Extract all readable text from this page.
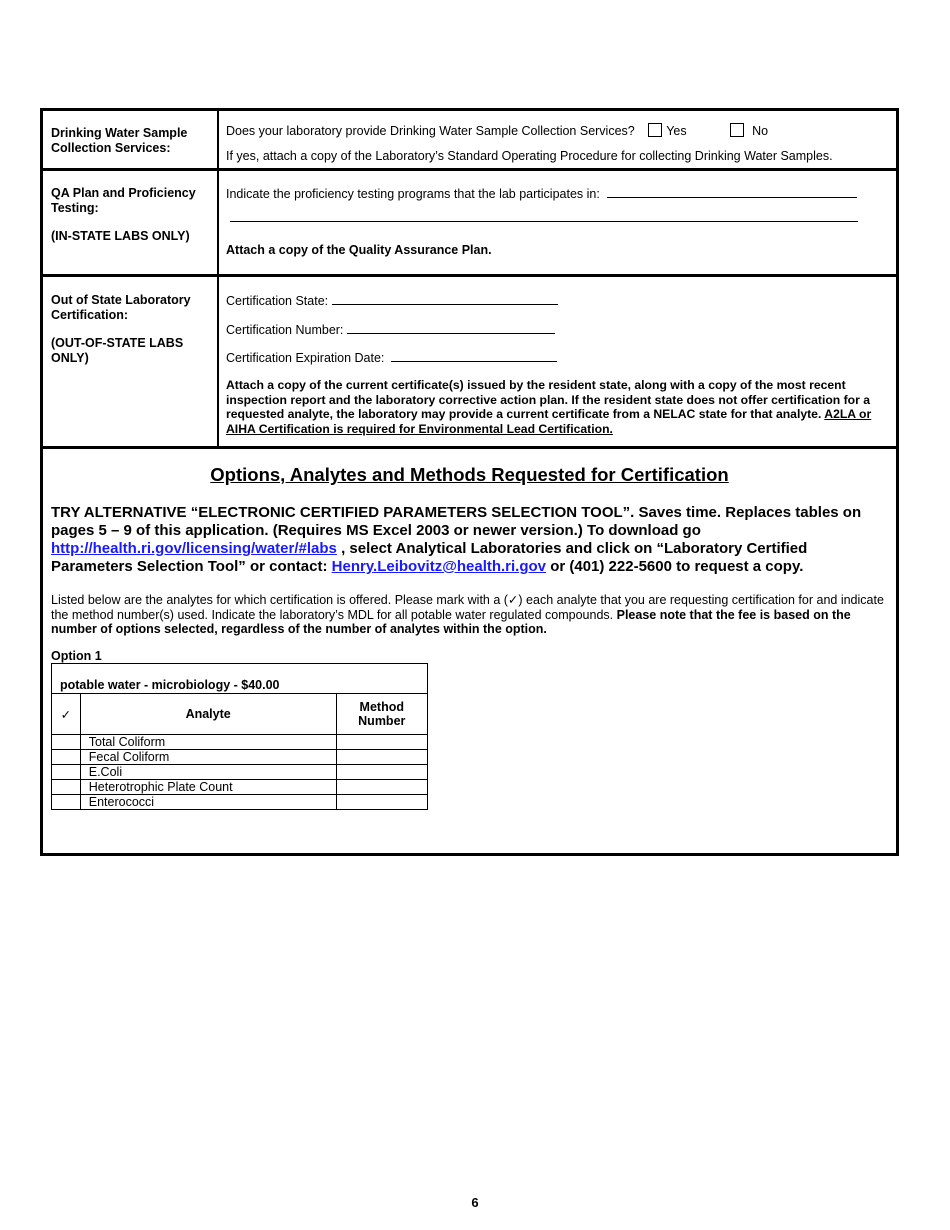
Drinking Water Sample Collection Services:
Does your laboratory provide Drinking Water Sample Collection Services?	Yes	No
If yes, attach a copy of the Laboratory’s Standard Operating Procedure for collecting Drinking Water Samples.
QA Plan and Proficiency Testing:
(IN-STATE LABS ONLY)
Indicate the proficiency testing programs that the lab participates in:
Attach a copy of the Quality Assurance Plan.
Out of State Laboratory Certification:
(OUT-OF-STATE LABS ONLY)
Certification State:
Certification Number:
Certification Expiration Date:
Attach a copy of the current certificate(s) issued by the resident state, along with a copy of the most recent inspection report and the laboratory corrective action plan. If the resident state does not offer certification for a requested analyte, the laboratory may provide a current certificate from a NELAC state for that analyte. A2LA or AIHA Certification is required for Environmental Lead Certification.
Options, Analytes and Methods Requested for Certification
TRY ALTERNATIVE “ELECTRONIC CERTIFIED PARAMETERS SELECTION TOOL”. Saves time. Replaces tables on pages 5 – 9 of this application. (Requires MS Excel 2003 or newer version.) To download go http://health.ri.gov/licensing/water/#labs , select Analytical Laboratories and click on “Laboratory Certified Parameters Selection Tool” or contact: Henry.Leibovitz@health.ri.gov or (401) 222-5600 to request a copy.
Listed below are the analytes for which certification is offered. Please mark with a (✓) each analyte that you are requesting certification for and indicate the method number(s) used. Indicate the laboratory’s MDL for all potable water regulated compounds. Please note that the fee is based on the number of options selected, regardless of the number of analytes within the option.
Option 1
potable water - microbiology - $40.00		
✓	Analyte	Method Number
	Total Coliform	
	Fecal Coliform	
	E.Coli	
	Heterotrophic Plate Count	
	Enterococci	
6
